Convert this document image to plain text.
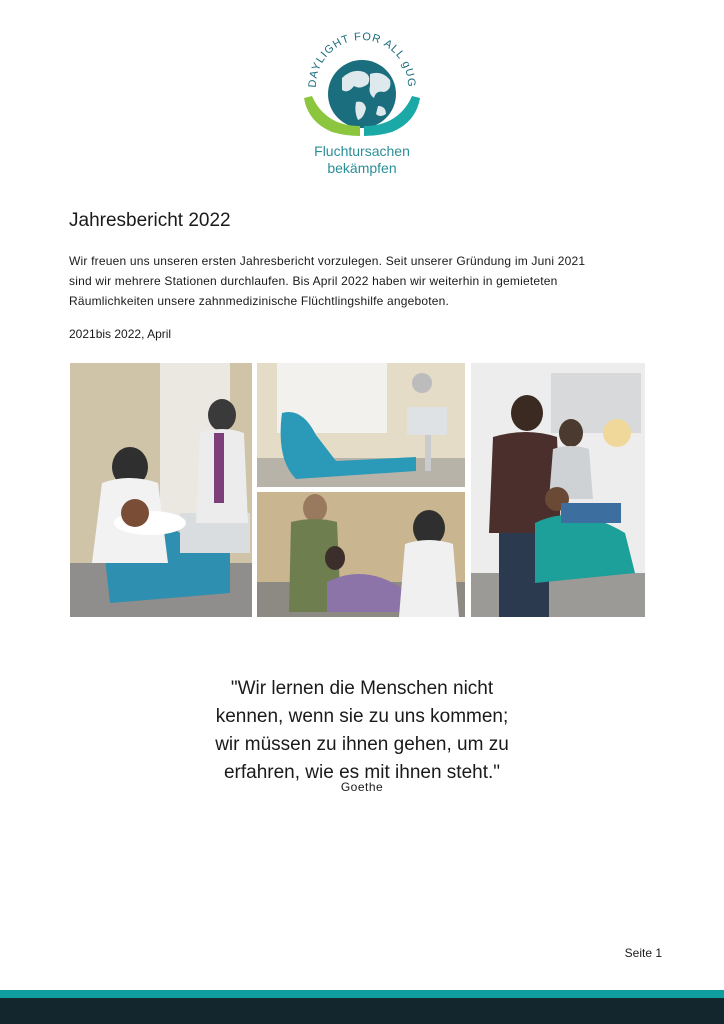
DAYLIGHT FOR ALL gUG
Fluchtursachen
bekämpfen
Jahresbericht 2022

Wir freuen uns unseren ersten Jahresbericht vorzulegen. Seit unserer Gründung im Juni 2021

sind wir mehrere Stationen durchlaufen. Bis April 2022 haben wir weiterhin in gemieteten

Räumlichkeiten unsere zahnmedizinische Flüchtlingshilfe angeboten.

2021bis 2022, April
"Wir lernen die Menschen nicht
kennen, wenn sie zu uns kommen;
wir müssen zu ihnen gehen, um zu
erfahren, wie es mit ihnen steht."
Goethe
Seite 1
